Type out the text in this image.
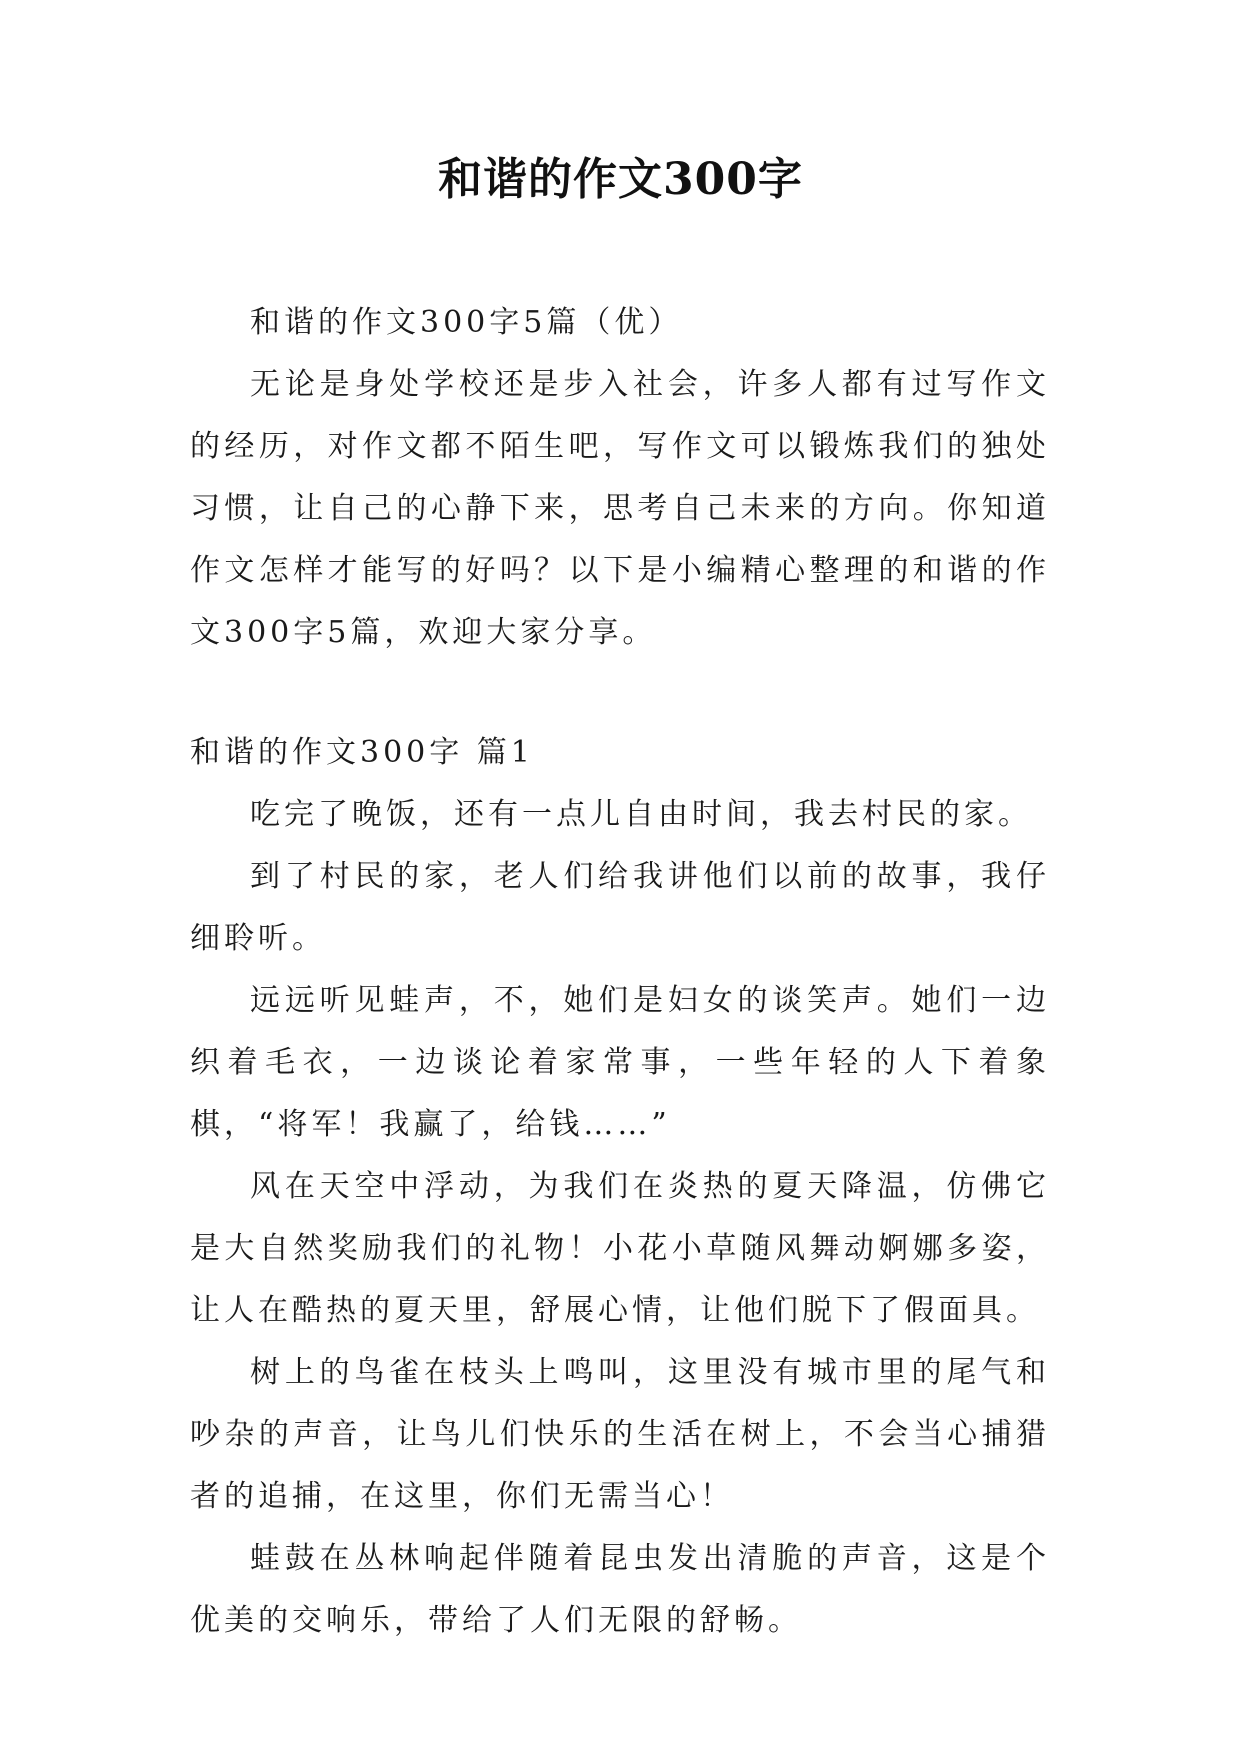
和谐的作文300字

和谐的作文300字5篇（优）

无论是身处学校还是步入社会，许多人都有过写作文的经历，对作文都不陌生吧，写作文可以锻炼我们的独处习惯，让自己的心静下来，思考自己未来的方向。你知道作文怎样才能写的好吗？以下是小编精心整理的和谐的作文300字5篇，欢迎大家分享。

和谐的作文300字 篇1

吃完了晚饭，还有一点儿自由时间，我去村民的家。

到了村民的家，老人们给我讲他们以前的故事，我仔细聆听。

远远听见蛙声，不，她们是妇女的谈笑声。她们一边织着毛衣，一边谈论着家常事，一些年轻的人下着象棋，“将军！我赢了，给钱……”

风在天空中浮动，为我们在炎热的夏天降温，仿佛它是大自然奖励我们的礼物！小花小草随风舞动婀娜多姿，让人在酷热的夏天里，舒展心情，让他们脱下了假面具。

树上的鸟雀在枝头上鸣叫，这里没有城市里的尾气和吵杂的声音，让鸟儿们快乐的生活在树上，不会当心捕猎者的追捕，在这里，你们无需当心！

蛙鼓在丛林响起伴随着昆虫发出清脆的声音，这是个优美的交响乐，带给了人们无限的舒畅。
